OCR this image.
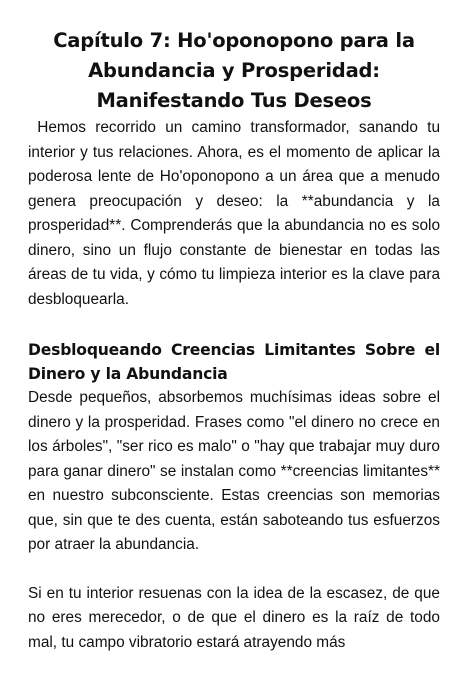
Capítulo 7: Ho'oponopono para la Abundancia y Prosperidad: Manifestando Tus Deseos

Hemos recorrido un camino transformador, sanando tu interior y tus relaciones. Ahora, es el momento de aplicar la poderosa lente de Ho'oponopono a un área que a menudo genera preocupación y deseo: la **abundancia y la prosperidad**. Comprenderás que la abundancia no es solo dinero, sino un flujo constante de bienestar en todas las áreas de tu vida, y cómo tu limpieza interior es la clave para desbloquearla.

Desbloqueando Creencias Limitantes Sobre el Dinero y la Abundancia

Desde pequeños, absorbemos muchísimas ideas sobre el dinero y la prosperidad. Frases como "el dinero no crece en los árboles", "ser rico es malo" o "hay que trabajar muy duro para ganar dinero" se instalan como **creencias limitantes** en nuestro subconsciente. Estas creencias son memorias que, sin que te des cuenta, están saboteando tus esfuerzos por atraer la abundancia.

Si en tu interior resuenas con la idea de la escasez, de que no eres merecedor, o de que el dinero es la raíz de todo mal, tu campo vibratorio estará atrayendo más
